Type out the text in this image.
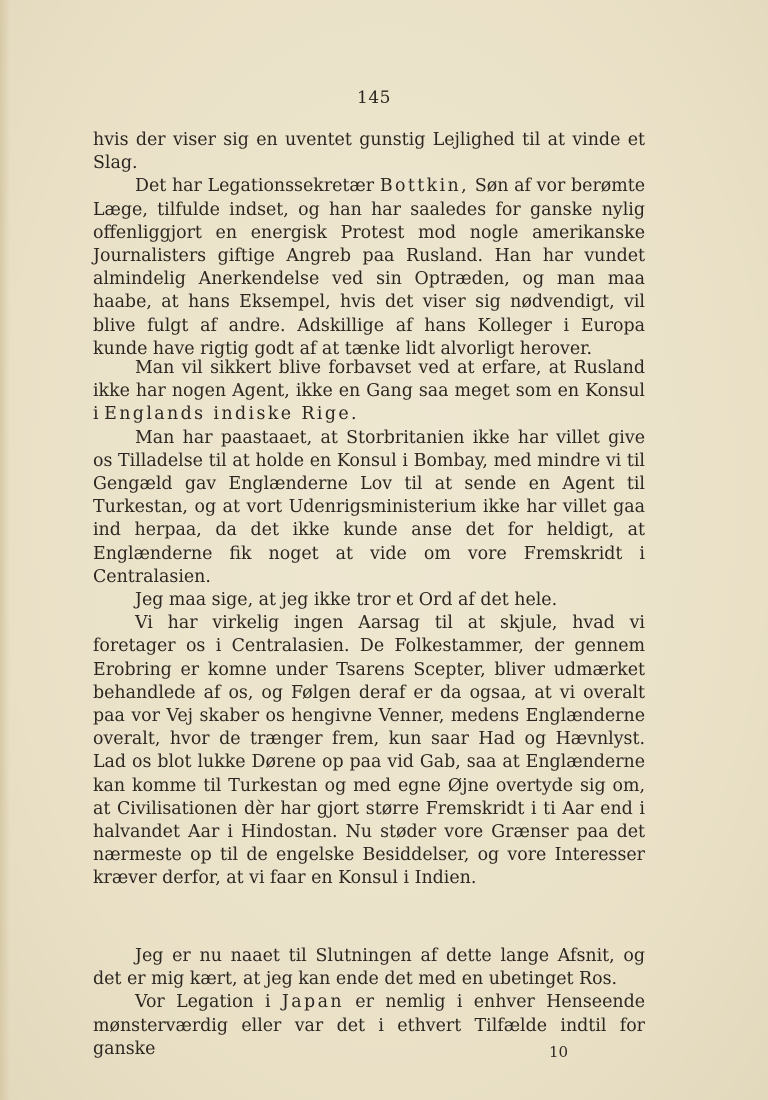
145

hvis der viser sig en uventet gunstig Lejlighed til at vinde et Slag.

Det har Legationssekretær Bottkin, Søn af vor berømte Læge, tilfulde indset, og han har saaledes for ganske nylig offenliggjort en energisk Protest mod nogle amerikanske Journalisters giftige Angreb paa Rusland. Han har vundet almindelig Anerkendelse ved sin Optræden, og man maa haabe, at hans Eksempel, hvis det viser sig nødvendigt, vil blive fulgt af andre. Adskillige af hans Kolleger i Europa kunde have rigtig godt af at tænke lidt alvorligt herover.

Man vil sikkert blive forbavset ved at erfare, at Rusland ikke har nogen Agent, ikke en Gang saa meget som en Konsul i Englands indiske Rige.

Man har paastaaet, at Storbritanien ikke har villet give os Tilladelse til at holde en Konsul i Bombay, med mindre vi til Gengæld gav Englænderne Lov til at sende en Agent til Turkestan, og at vort Udenrigsministerium ikke har villet gaa ind herpaa, da det ikke kunde anse det for heldigt, at Englænderne fik noget at vide om vore Fremskridt i Centralasien.

Jeg maa sige, at jeg ikke tror et Ord af det hele.

Vi har virkelig ingen Aarsag til at skjule, hvad vi foretager os i Centralasien. De Folkestammer, der gennem Erobring er komne under Tsarens Scepter, bliver udmærket behandlede af os, og Følgen deraf er da ogsaa, at vi overalt paa vor Vej skaber os hengivne Venner, medens Englænderne overalt, hvor de trænger frem, kun saar Had og Hævnlyst. Lad os blot lukke Dørene op paa vid Gab, saa at Englænderne kan komme til Turkestan og med egne Øjne overtyde sig om, at Civilisationen dèr har gjort større Fremskridt i ti Aar end i halvandet Aar i Hindostan. Nu støder vore Grænser paa det nærmeste op til de engelske Besiddelser, og vore Interesser kræver derfor, at vi faar en Konsul i Indien.

Jeg er nu naaet til Slutningen af dette lange Afsnit, og det er mig kært, at jeg kan ende det med en ubetinget Ros.

Vor Legation i Japan er nemlig i enhver Henseende mønsterværdig eller var det i ethvert Tilfælde indtil for ganske	10
